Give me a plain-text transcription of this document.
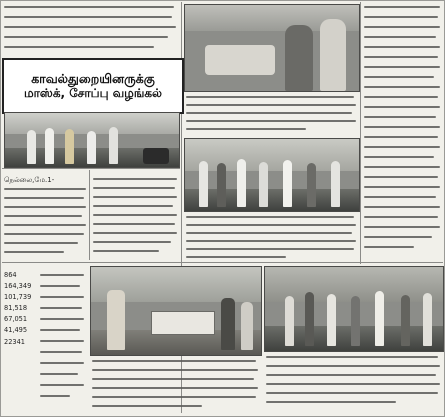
காவல்துறையினருக்கு
மாஸ்க், சோப்பு வழங்கல்
நெல்லை,மே.1-
864
164,349
101,739
81,518
67,051
41,495
22341
